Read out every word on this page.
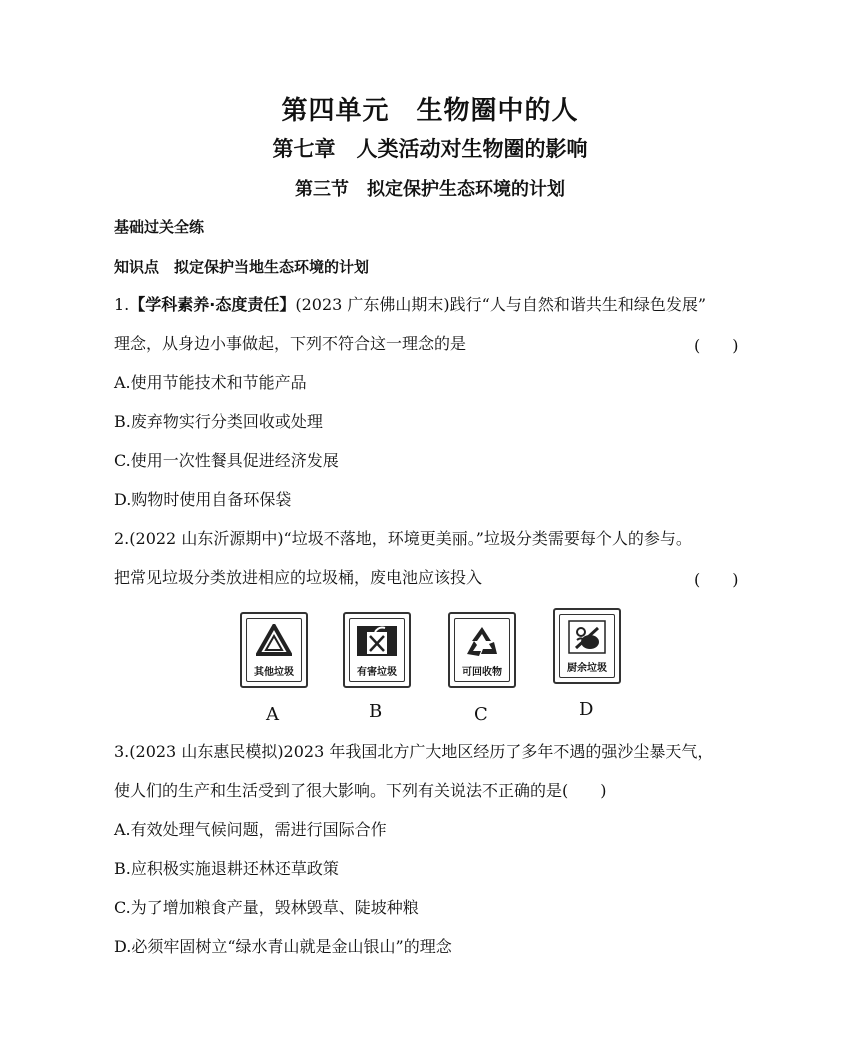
第四单元　生物圈中的人
第七章　人类活动对生物圈的影响
第三节　拟定保护生态环境的计划
基础过关全练
知识点　拟定保护当地生态环境的计划
1.【学科素养·态度责任】(2023 广东佛山期末)践行“人与自然和谐共生和绿色发展”
理念，从身边小事做起，下列不符合这一理念的是	(　　)
A.使用节能技术和节能产品
B.废弃物实行分类回收或处理
C.使用一次性餐具促进经济发展
D.购物时使用自备环保袋
2.(2022 山东沂源期中)“垃圾不落地，环境更美丽。”垃圾分类需要每个人的参与。
把常见垃圾分类放进相应的垃圾桶，废电池应该投入	(　　)
其他垃圾
A
有害垃圾
B
可回收物
C
厨余垃圾
D
3.(2023 山东惠民模拟)2023 年我国北方广大地区经历了多年不遇的强沙尘暴天气，
使人们的生产和生活受到了很大影响。下列有关说法不正确的是(　　)
A.有效处理气候问题，需进行国际合作
B.应积极实施退耕还林还草政策
C.为了增加粮食产量，毁林毁草、陡坡种粮
D.必须牢固树立“绿水青山就是金山银山”的理念
